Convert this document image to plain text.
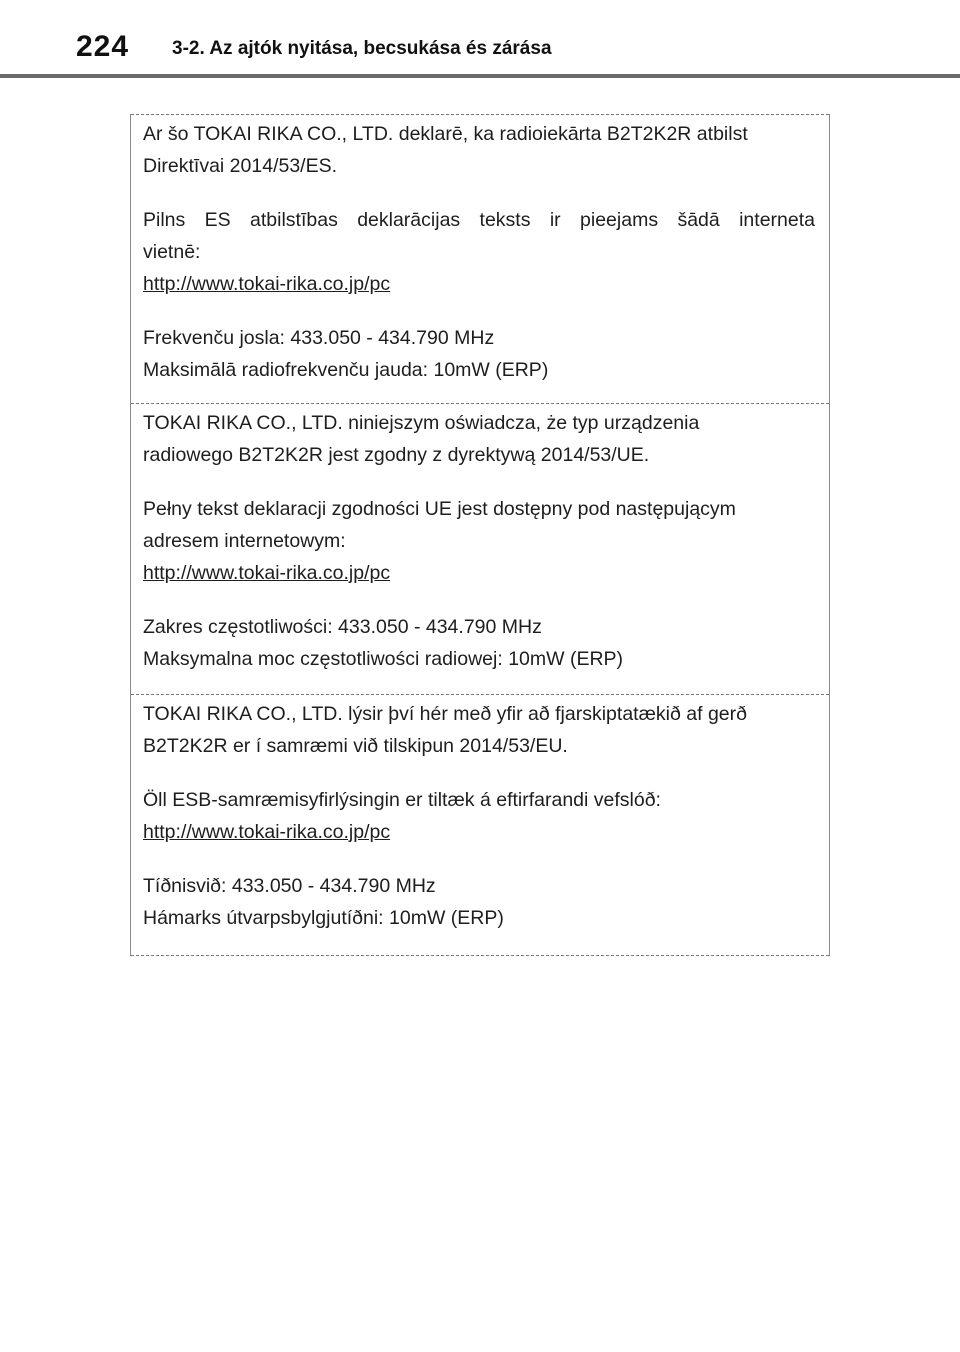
224 3-2. Az ajtók nyitása, becsukása és zárása

Ar šo TOKAI RIKA CO., LTD. deklarē, ka radioiekārta B2T2K2R atbilst
Direktīvai 2014/53/ES.

Pilns ES atbilstības deklarācijas teksts ir pieejams šādā interneta
vietnē:
http://www.tokai-rika.co.jp/pc

Frekvenču josla: 433.050 - 434.790 MHz
Maksimālā radiofrekvenču jauda: 10mW (ERP)

TOKAI RIKA CO., LTD. niniejszym oświadcza, że typ urządzenia
radiowego B2T2K2R jest zgodny z dyrektywą 2014/53/UE.

Pełny tekst deklaracji zgodności UE jest dostępny pod następującym
adresem internetowym:
http://www.tokai-rika.co.jp/pc

Zakres częstotliwości: 433.050 - 434.790 MHz
Maksymalna moc częstotliwości radiowej: 10mW (ERP)

TOKAI RIKA CO., LTD. lýsir því hér með yfir að fjarskiptatækið af gerð
B2T2K2R er í samræmi við tilskipun 2014/53/EU.

Öll ESB-samræmisyfirlýsingin er tiltæk á eftirfarandi vefslóð:
http://www.tokai-rika.co.jp/pc

Tíðnisvið: 433.050 - 434.790 MHz
Hámarks útvarpsbylgjutíðni: 10mW (ERP)
